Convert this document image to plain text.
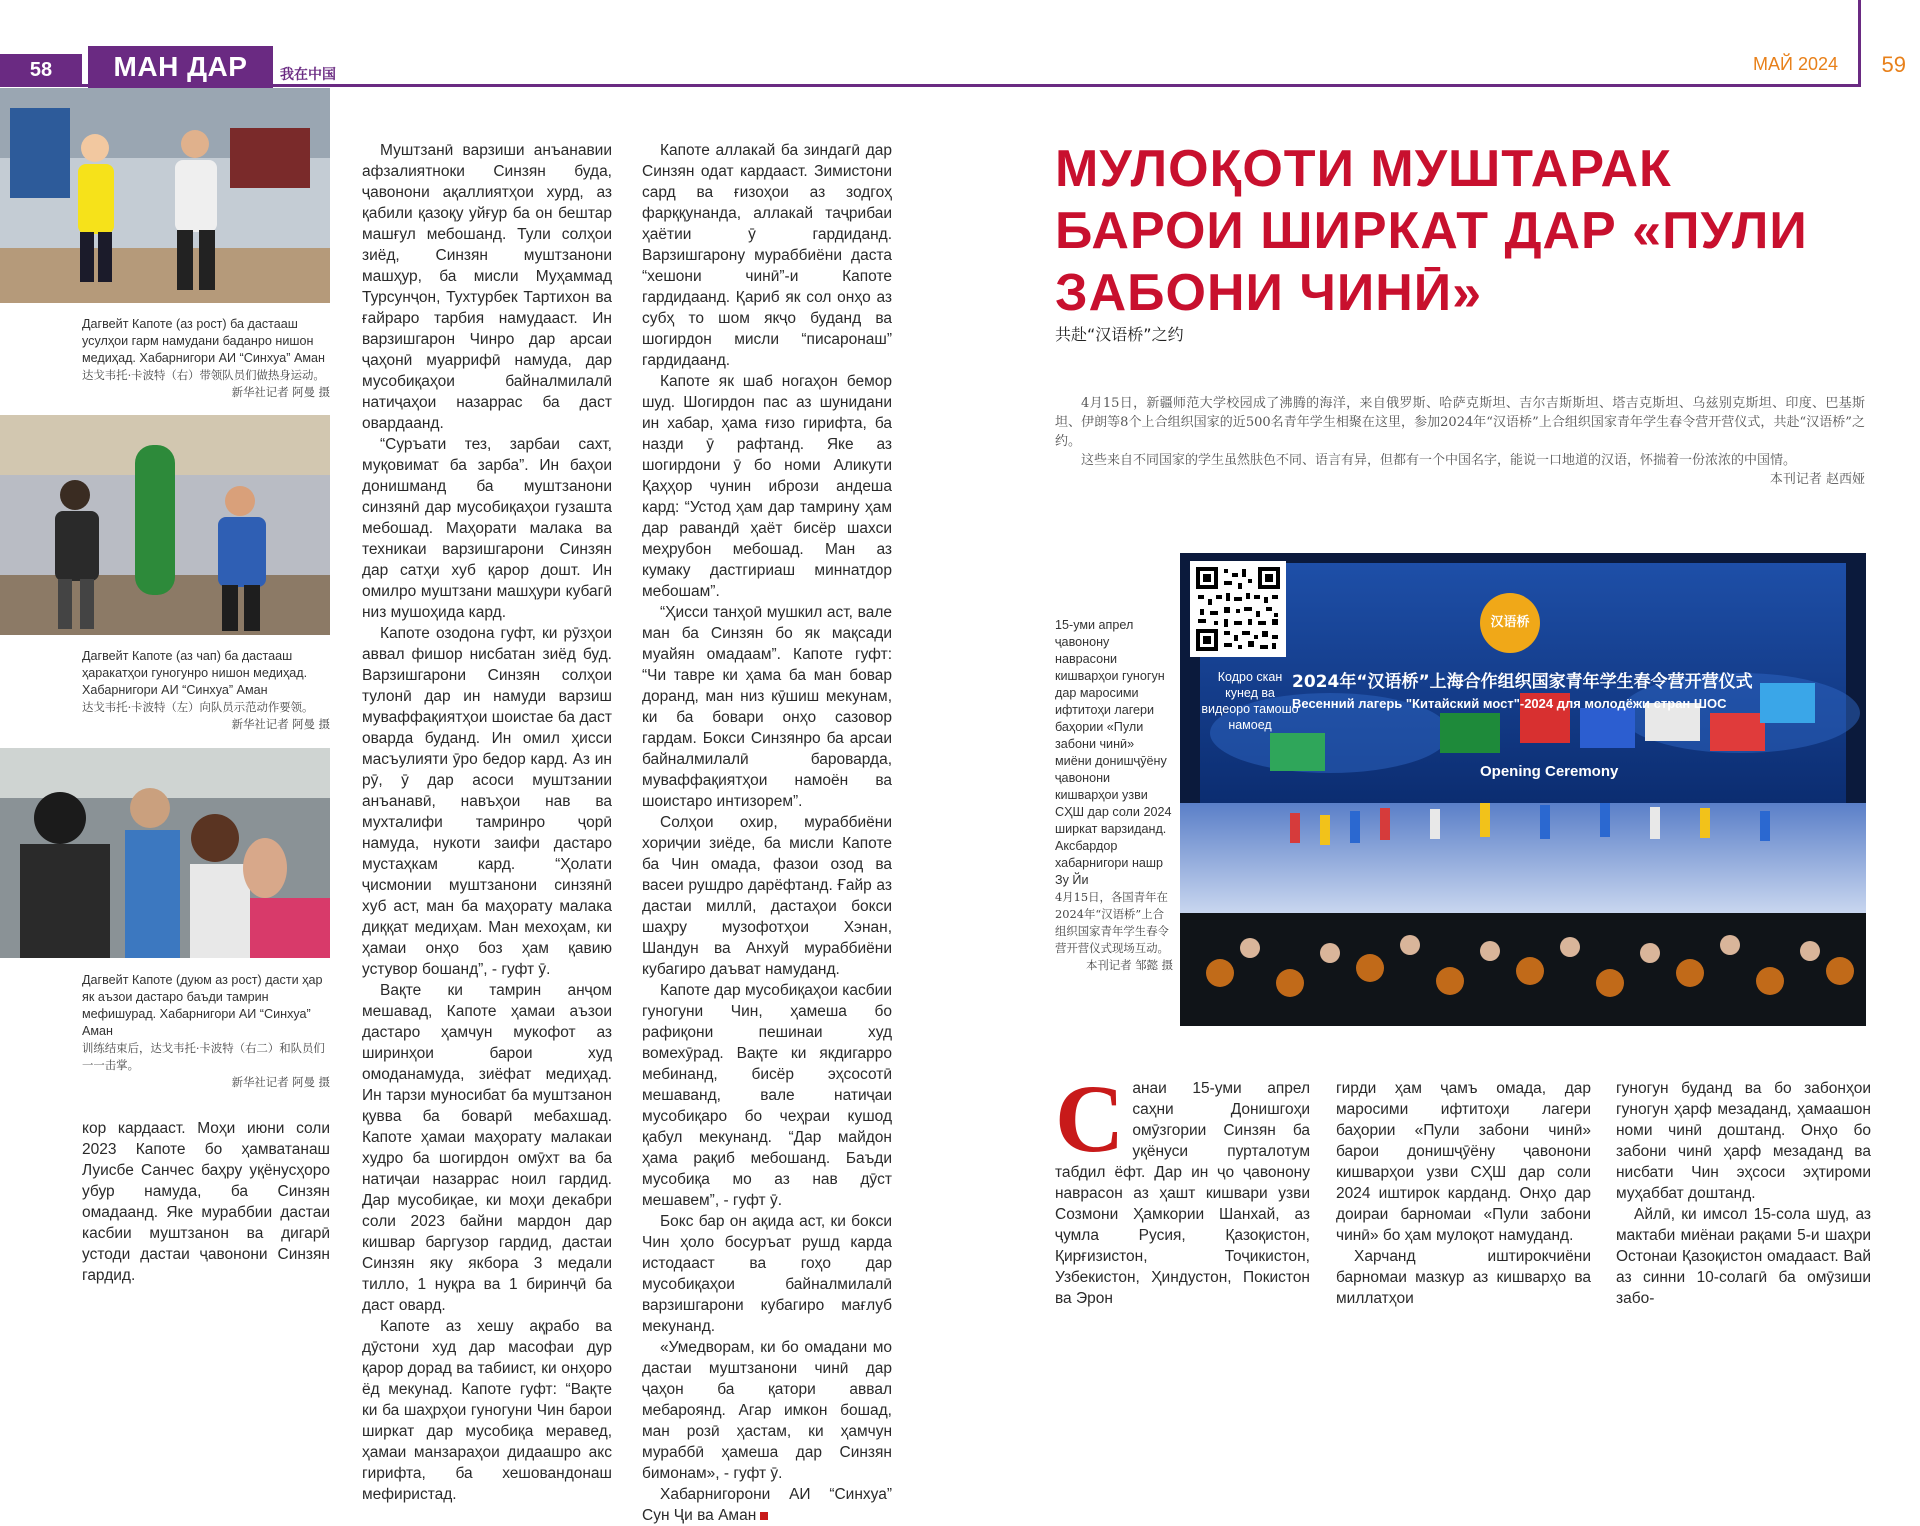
58	МАН ДАР	我在中国
МАЙ 2024 59
Дагвейт Капоте (аз рост) ба дастааш усулҳои гарм намудани баданро нишон медиҳад. Хабарнигори АИ “Синхуа” Аман
达戈韦托·卡波特（右）带领队员们做热身运动。
新华社记者 阿曼 摄
Дагвейт Капоте (аз чап) ба дастааш ҳаракатҳои гуногунро нишон медиҳад. Хабарнигори АИ “Синхуа” Аман
达戈韦托·卡波特（左）向队员示范动作要领。
新华社记者 阿曼 摄
Дагвейт Капоте (дуюм аз рост) дасти ҳар як аъзои дастаро баъди тамрин мефишурад. Хабарнигори АИ “Синхуа” Аман
训练结束后，达戈韦托·卡波特（右二）和队员们一一击掌。
新华社记者 阿曼 摄

кор кардааст. Моҳи июни соли 2023 Капоте бо ҳамватанаш Луисбе Санчес баҳру уқёнусҳоро убур намуда, ба Синзян омадаанд. Яке мураббии дастаи касбии муштзанон ва дигарӣ устоди дастаи ҷавонони Синзян гардид.

Муштзанӣ варзиши анъанавии афзалиятноки Синзян буда, ҷавонони ақаллиятҳои хурд, аз қабили қазоқу уйғур ба он бештар машғул мебошанд. Тули солҳои зиёд, Синзян муштзанони машҳур, ба мисли Муҳаммад Турсунҷон, Тухтурбек Тартихон ва ғайраро тарбия намудааст. Ин варзишгарон Чинро дар арсаи ҷаҳонӣ муаррифӣ намуда, дар мусобиқаҳои байналмилалӣ натиҷаҳои назаррас ба даст овардаанд.

“Суръати тез, зарбаи сахт, муқовимат ба зарба”. Ин баҳои донишманд ба муштзанони синзянӣ дар мусобиқаҳои гузашта мебошад. Маҳорати малака ва техникаи варзишгарони Синзян дар сатҳи хуб қарор дошт. Ин омилро муштзани машҳури кубагӣ низ мушоҳида кард.

Капоте озодона гуфт, ки рӯзҳои аввал фишор нисбатан зиёд буд. Варзишгарони Синзян солҳои тулонӣ дар ин намуди варзиш муваффақиятҳои шоистае ба даст оварда буданд. Ин омил ҳисси масъулияти ӯро бедор кард. Аз ин рӯ, ӯ дар асоси муштзании анъанавӣ, навъҳои нав ва мухталифи тамринро ҷорӣ намуда, нукоти заифи дастаро мустаҳкам кард. “Ҳолати ҷисмонии муштзанони синзянӣ хуб аст, ман ба маҳорату малака диққат медиҳам. Ман мехоҳам, ки ҳамаи онҳо боз ҳам қавию устувор бошанд”, - гуфт ӯ.

Вақте ки тамрин анҷом мешавад, Капоте ҳамаи аъзои дастаро ҳамчун мукофот аз ширинҳои барои худ омоданамуда, зиёфат медиҳад. Ин тарзи муносибат ба муштзанон қувва ба боварӣ мебахшад. Капоте ҳамаи маҳорату малакаи худро ба шогирдон омӯхт ва ба натиҷаи назаррас ноил гардид. Дар мусобиқае, ки моҳи декабри соли 2023 байни мардон дар кишвар баргузор гардид, дастаи Синзян яку якбора 3 медали тилло, 1 нуқра ва 1 биринҷӣ ба даст овард.

Капоте аз хешу ақрабо ва дӯстони худ дар масофаи дур қарор дорад ва табиист, ки онҳоро ёд мекунад. Капоте гуфт: “Вақте ки ба шаҳрҳои гуногуни Чин барои ширкат дар мусобиқа меравед, ҳамаи манзараҳои дидаашро акс гирифта, ба хешовандонаш мефиристад.

Капоте аллакай ба зиндагӣ дар Синзян одат кардааст. Зимистони сард ва ғизоҳои аз зодгоҳ фарққунанда, аллакай таҷрибаи ҳаётии ӯ гардиданд. Варзишгарону мураббиёни даста “хешони чинӣ”-и Капоте гардидаанд. Қариб як сол онҳо аз субҳ то шом якҷо буданд ва шогирдон мисли “писаронаш” гардидаанд.

Капоте як шаб ногаҳон бемор шуд. Шогирдон пас аз шунидани ин хабар, ҳама ғизо гирифта, ба назди ӯ рафтанд. Яке аз шогирдони ӯ бо номи Аликути Қаҳҳор чунин ибрози андеша кард: “Устод ҳам дар тамрину ҳам дар равандӣ ҳаёт бисёр шахси меҳрубон мебошад. Ман аз кумаку дастгириаш миннатдор мебошам”.

“Ҳисси танҳоӣ мушкил аст, вале ман ба Синзян бо як мақсади муайян омадаам”. Капоте гуфт: “Чи тавре ки ҳама ба ман бовар доранд, ман низ кӯшиш мекунам, ки ба бовари онҳо сазовор гардам. Бокси Синзянро ба арсаи байналмилалӣ бароварда, муваффақиятҳои намоён ва шоистаро интизорем”.

Солҳои охир, мураббиёни хориҷии зиёде, ба мисли Капоте ба Чин омада, фазои озод ва васеи рушдро дарёфтанд. Ғайр аз дастаи миллӣ, дастаҳои бокси шаҳру музофотҳои Хэнан, Шандун ва Анхуй мураббиёни кубагиро даъват намуданд.

Капоте дар мусобиқаҳои касбии гуногуни Чин, ҳамеша бо рафиқони пешинаи худ вомехӯрад. Вақте ки якдигарро мебинанд, бисёр эҳсосотӣ мешаванд, вале натиҷаи мусобиқаро бо чеҳраи кушод қабул мекунанд. “Дар майдон ҳама рақиб мебошанд. Баъди мусобиқа мо аз нав дӯст мешавем”, - гуфт ӯ.

Бокс бар он ақида аст, ки бокси Чин ҳоло босуръат рушд карда истодааст ва гоҳо дар мусобиқаҳои байналмилалӣ варзишгарони кубагиро мағлуб мекунанд.

«Умедворам, ки бо омадани мо дастаи муштзанони чинӣ дар ҷаҳон ба қатори аввал мебароянд. Агар имкон бошад, ман розӣ ҳастам, ки ҳамчун мураббӣ ҳамеша дар Синзян бимонам», - гуфт ӯ.

Хабарнигорони АИ “Синхуа” Сун Ҷи ва Аман

МУЛОҚОТИ МУШТАРАК БАРОИ ШИРКАТ ДАР «ПУЛИ ЗАБОНИ ЧИНӢ»
共赴“汉语桥”之约
4月15日，新疆师范大学校园成了沸腾的海洋，来自俄罗斯、哈萨克斯坦、吉尔吉斯斯坦、塔吉克斯坦、乌兹别克斯坦、印度、巴基斯坦、伊朗等8个上合组织国家的近500名青年学生相聚在这里，参加2024年“汉语桥”上合组织国家青年学生春令营开营仪式，共赴“汉语桥”之约。
这些来自不同国家的学生虽然肤色不同、语言有异，但都有一个中国名字，能说一口地道的汉语，怀揣着一份浓浓的中国情。
本刊记者 赵西娅
15-уми апрел ҷавонону наврасони кишварҳои гуногун дар маросими ифтитоҳи лагери баҳории «Пули забони чинӣ» миёни донишҷӯёну ҷавонони кишварҳои узви СҲШ дар соли 2024 ширкат варзиданд. Аксбардор хабарнигори нашр Зу Йи
4月15日，各国青年在2024年“汉语桥”上合组织国家青年学生春令营开营仪式现场互动。
本刊记者 邹懿 摄
Кодро скан кунед ва видеоро тамошо намоед
汉语桥
2024年“汉语桥”上海合作组织国家青年学生春令营开营仪式
Весенний лагерь "Китайский мост"-2024 для молодёжи стран ШОС
Opening Ceremony

Санаи 15-уми апрел саҳни Донишгоҳи омӯзгории Синзян ба уқёнуси пурталотум табдил ёфт. Дар ин ҷо ҷавонону наврасон аз ҳашт кишвари узви Созмони Ҳамкории Шанхай, аз ҷумла Русия, Қазоқистон, Қирғизистон, Тоҷикистон, Узбекистон, Ҳиндустон, Покистон ва Эрон

гирди ҳам ҷамъ омада, дар маросими ифтитоҳи лагери баҳории «Пули забони чинӣ» барои донишҷӯёну ҷавонони кишварҳои узви СҲШ дар соли 2024 иштирок карданд. Онҳо дар доираи барномаи «Пули забони чинӣ» бо ҳам мулоқот намуданд.

Харчанд иштирокчиёни барномаи мазкур аз кишварҳо ва миллатҳои

гуногун буданд ва бо забонҳои гуногун ҳарф мезаданд, ҳамаашон номи чинӣ доштанд. Онҳо бо забони чинӣ ҳарф мезаданд ва нисбати Чин эҳсоси эҳтироми муҳаббат доштанд.

Айлӣ, ки имсол 15-сола шуд, аз мактаби миёнаи рақами 5-и шаҳри Остонаи Қазоқистон омадааст. Вай аз синни 10-солагӣ ба омӯзиши забо-
